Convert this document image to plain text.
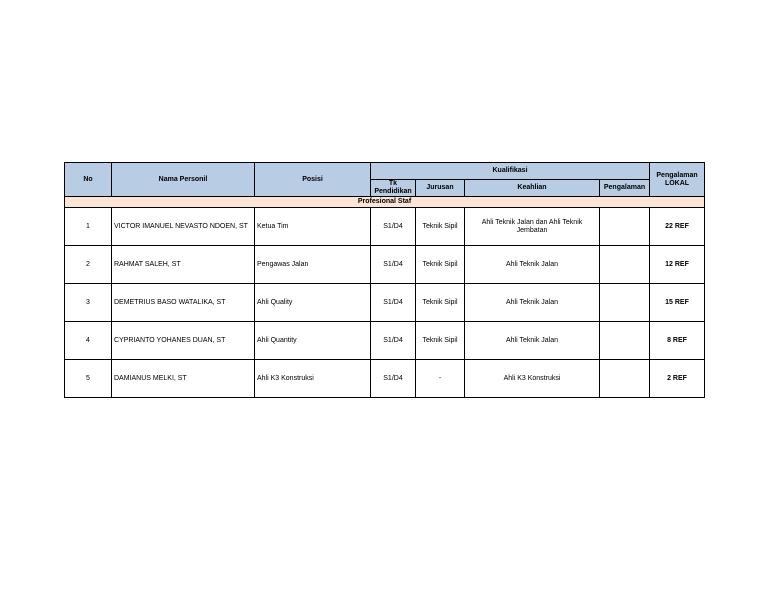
No	Nama Personil	Posisi	Kualifikasi				Pengalaman LOKAL
			Tk Pendidikan	Jurusan	Keahlian	Pengalaman	
Profesional Staf							
1	VICTOR IMANUEL NEVASTO NDOEN, ST	Ketua Tim	S1/D4	Teknik Sipil	Ahli Teknik Jalan dan Ahli Teknik Jembatan		22 REF
2	RAHMAT SALEH, ST	Pengawas Jalan	S1/D4	Teknik Sipil	Ahli Teknik Jalan		12 REF
3	DEMETRIUS BASO WATALIKA, ST	Ahli Quality	S1/D4	Teknik Sipil	Ahli Teknik Jalan		15 REF
4	CYPRIANTO YOHANES DUAN, ST	Ahli Quantity	S1/D4	Teknik Sipil	Ahli Teknik Jalan		8 REF
5	DAMIANUS MELKI, ST	Ahli K3 Konstruksi	S1/D4	-	Ahli K3 Konstruksi		2 REF
